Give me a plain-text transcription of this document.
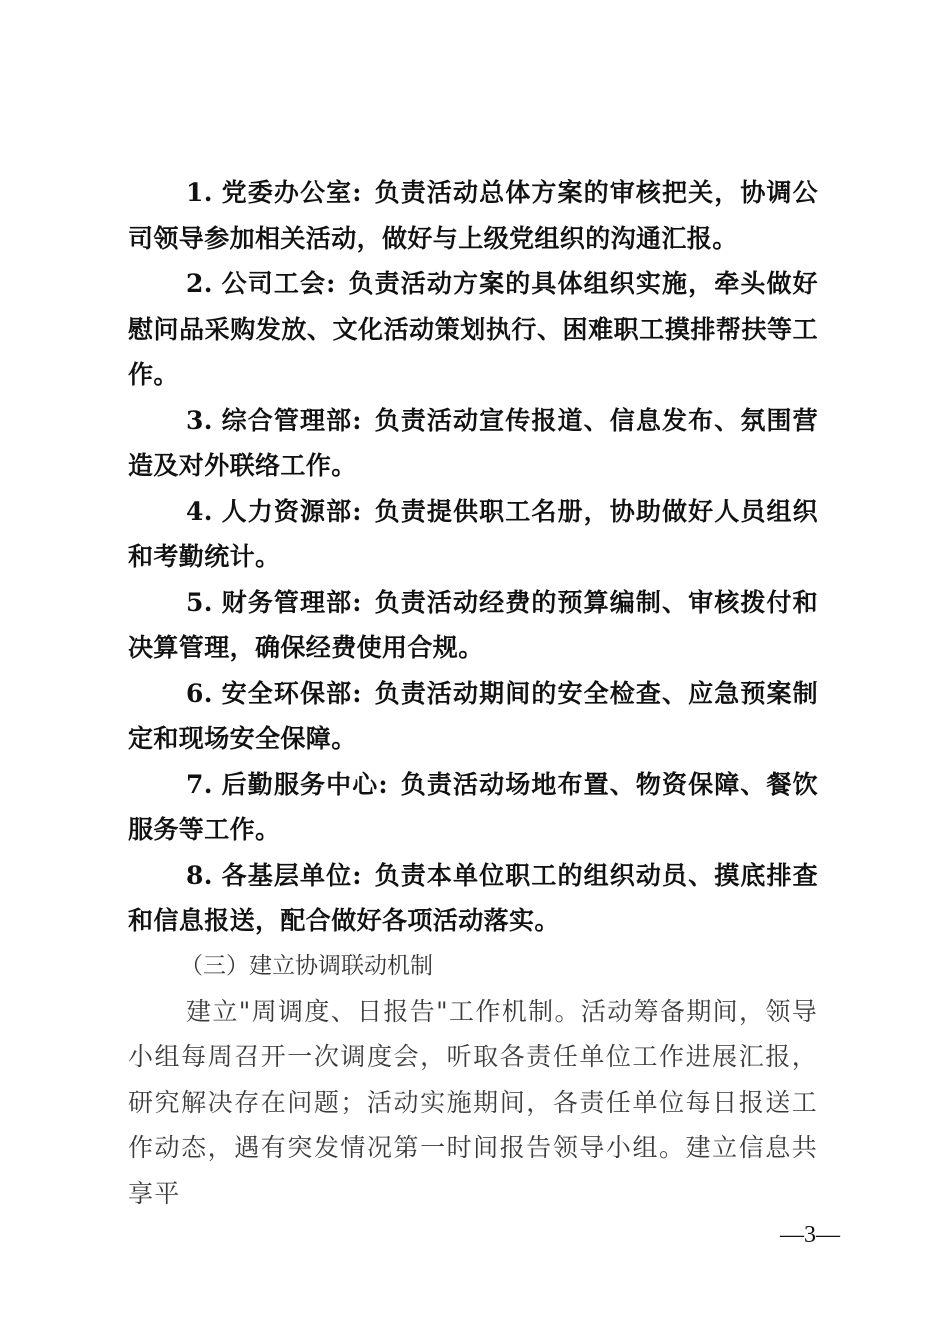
1. 党委办公室: 负责活动总体方案的审核把关，协调公司领导参加相关活动，做好与上级党组织的沟通汇报。

2. 公司工会: 负责活动方案的具体组织实施，牵头做好慰问品采购发放、文化活动策划执行、困难职工摸排帮扶等工作。

3. 综合管理部: 负责活动宣传报道、信息发布、氛围营造及对外联络工作。

4. 人力资源部: 负责提供职工名册，协助做好人员组织和考勤统计。

5. 财务管理部: 负责活动经费的预算编制、审核拨付和决算管理，确保经费使用合规。

6. 安全环保部: 负责活动期间的安全检查、应急预案制定和现场安全保障。

7. 后勤服务中心: 负责活动场地布置、物资保障、餐饮服务等工作。

8. 各基层单位: 负责本单位职工的组织动员、摸底排查和信息报送，配合做好各项活动落实。

（三）建立协调联动机制

建立"周调度、日报告"工作机制。活动筹备期间，领导小组每周召开一次调度会，听取各责任单位工作进展汇报，研究解决存在问题；活动实施期间，各责任单位每日报送工作动态，遇有突发情况第一时间报告领导小组。建立信息共享平

—3—
